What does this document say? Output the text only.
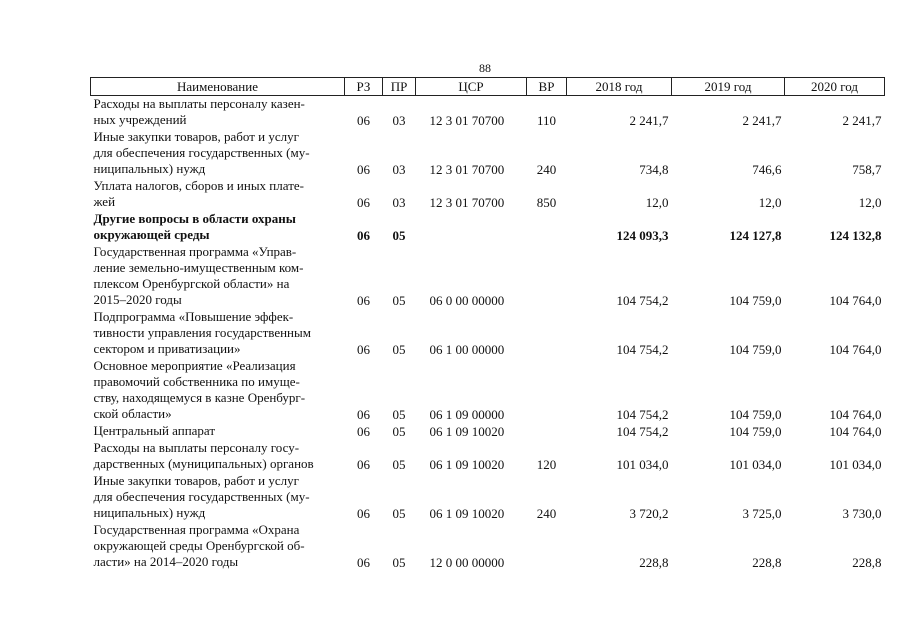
88
Наименование	РЗ	ПР	ЦСР	ВР	2018 год	2019 год	2020 год

Расходы на выплаты персоналу казен-
ных учреждений	06	03	12 3 01 70700	110	2 241,7	2 241,7	2 241,7

Иные закупки товаров, работ и услуг
для обеспечения государственных (му-
ниципальных) нужд	06	03	12 3 01 70700	240	734,8	746,6	758,7

Уплата налогов, сборов и иных плате-
жей	06	03	12 3 01 70700	850	12,0	12,0	12,0

Другие вопросы в области охраны
окружающей среды	06	05			124 093,3	124 127,8	124 132,8

Государственная программа «Управ-
ление земельно-имущественным ком-
плексом Оренбургской области» на
2015–2020 годы	06	05	06 0 00 00000		104 754,2	104 759,0	104 764,0

Подпрограмма «Повышение эффек-
тивности управления государственным
сектором и приватизации»	06	05	06 1 00 00000		104 754,2	104 759,0	104 764,0

Основное мероприятие «Реализация
правомочий собственника по имуще-
ству, находящемуся в казне Оренбург-
ской области»	06	05	06 1 09 00000		104 754,2	104 759,0	104 764,0

Центральный аппарат	06	05	06 1 09 10020		104 754,2	104 759,0	104 764,0

Расходы на выплаты персоналу госу-
дарственных (муниципальных) органов	06	05	06 1 09 10020	120	101 034,0	101 034,0	101 034,0

Иные закупки товаров, работ и услуг
для обеспечения государственных (му-
ниципальных) нужд	06	05	06 1 09 10020	240	3 720,2	3 725,0	3 730,0

Государственная программа «Охрана
окружающей среды Оренбургской об-
ласти» на 2014–2020 годы	06	05	12 0 00 00000		228,8	228,8	228,8
